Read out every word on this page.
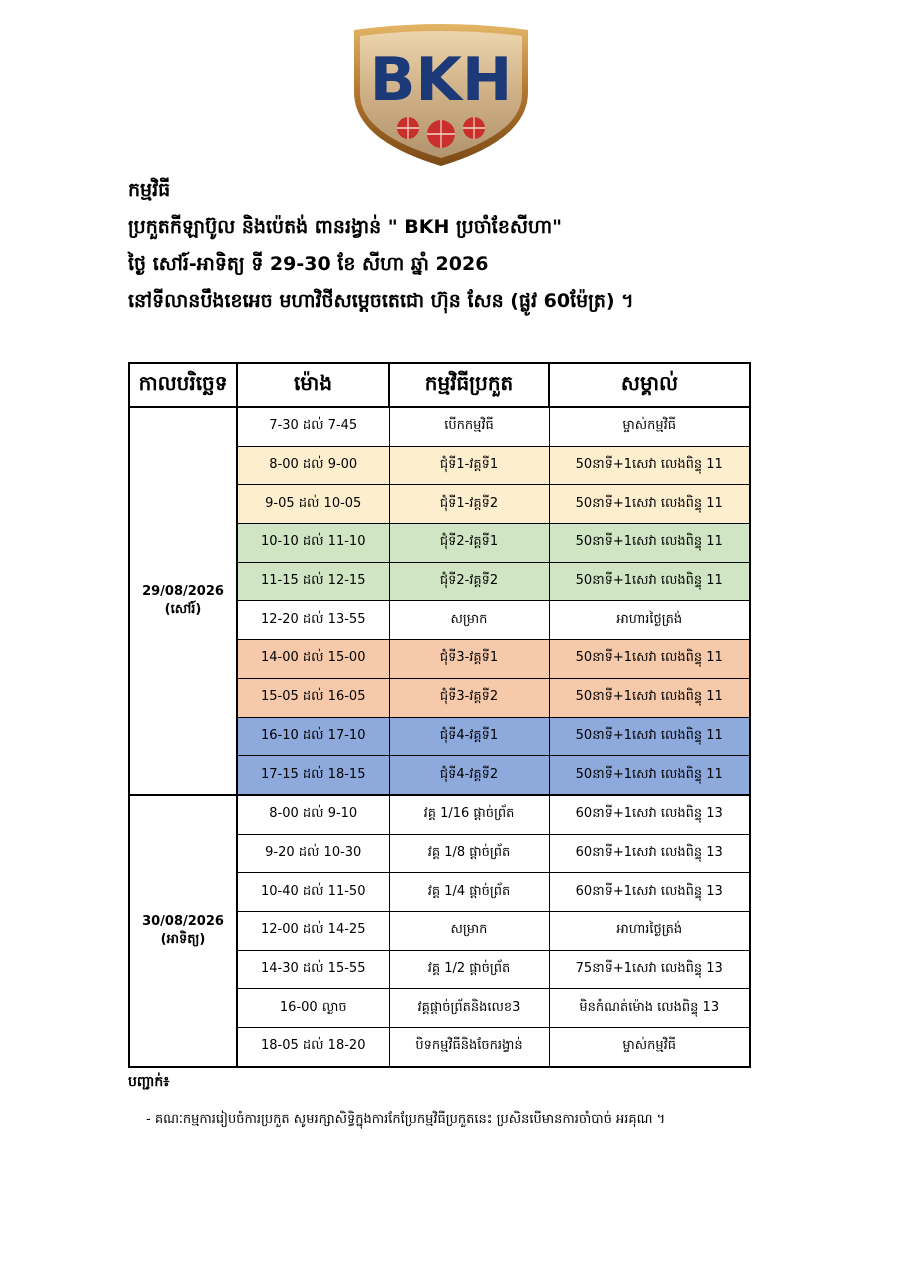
BKH
កម្មវិធី
ប្រកួតកីឡាប៊ូល និងប៉េតង់ ពានរង្វាន់ " BKH ប្រចាំខែសីហា"
ថ្ងៃ សៅរ៍-អាទិត្យ ទី 29-30 ខែ សីហា ឆ្នាំ 2026
នៅទីលានបឹងខេអេច មហាវិថីសម្តេចតេជោ ហ៊ុន សែន (ផ្លូវ 60ម៉ែត្រ) ។
កាលបរិច្ឆេទ	ម៉ោង	កម្មវិធីប្រកួត	សម្គាល់

29/08/2026
(សៅរ៍)	7-30 ដល់ 7-45	បើកកម្មវិធី	ម្ចាស់កម្មវិធី
	8-00 ដល់ 9-00	ជុំទី1-វគ្គទី1	50នាទី+1សេវា លេងពិន្ទុ 11
	9-05 ដល់ 10-05	ជុំទី1-វគ្គទី2	50នាទី+1សេវា លេងពិន្ទុ 11
	10-10 ដល់ 11-10	ជុំទី2-វគ្គទី1	50នាទី+1សេវា លេងពិន្ទុ 11
	11-15 ដល់ 12-15	ជុំទី2-វគ្គទី2	50នាទី+1សេវា លេងពិន្ទុ 11
	12-20 ដល់ 13-55	សម្រាក	អាហារថ្ងៃត្រង់
	14-00 ដល់ 15-00	ជុំទី3-វគ្គទី1	50នាទី+1សេវា លេងពិន្ទុ 11
	15-05 ដល់ 16-05	ជុំទី3-វគ្គទី2	50នាទី+1សេវា លេងពិន្ទុ 11
	16-10 ដល់ 17-10	ជុំទី4-វគ្គទី1	50នាទី+1សេវា លេងពិន្ទុ 11
	17-15 ដល់ 18-15	ជុំទី4-វគ្គទី2	50នាទី+1សេវា លេងពិន្ទុ 11

30/08/2026
(អាទិត្យ)	8-00 ដល់ 9-10	វគ្គ 1/16 ផ្តាច់ព្រ័ត	60នាទី+1សេវា លេងពិន្ទុ 13
	9-20 ដល់ 10-30	វគ្គ 1/8 ផ្តាច់ព្រ័ត	60នាទី+1សេវា លេងពិន្ទុ 13
	10-40 ដល់ 11-50	វគ្គ 1/4 ផ្តាច់ព្រ័ត	60នាទី+1សេវា លេងពិន្ទុ 13
	12-00 ដល់ 14-25	សម្រាក	អាហារថ្ងៃត្រង់
	14-30 ដល់ 15-55	វគ្គ 1/2 ផ្តាច់ព្រ័ត	75នាទី+1សេវា លេងពិន្ទុ 13
	16-00 ល្ងាច	វគ្គផ្តាច់ព្រ័តនិងលេខ3	មិនកំណត់ម៉ោង លេងពិន្ទុ 13
	18-05 ដល់ 18-20	បិទកម្មវិធីនិងចែករង្វាន់	ម្ចាស់កម្មវិធី
បញ្ជាក់៖
- គណៈកម្មការរៀបចំការប្រកួត សូមរក្សាសិទ្ធិក្នុងការកែប្រែកម្មវិធីប្រកួតនេះ ប្រសិនបើមានការចាំបាច់ អរគុណ ។
